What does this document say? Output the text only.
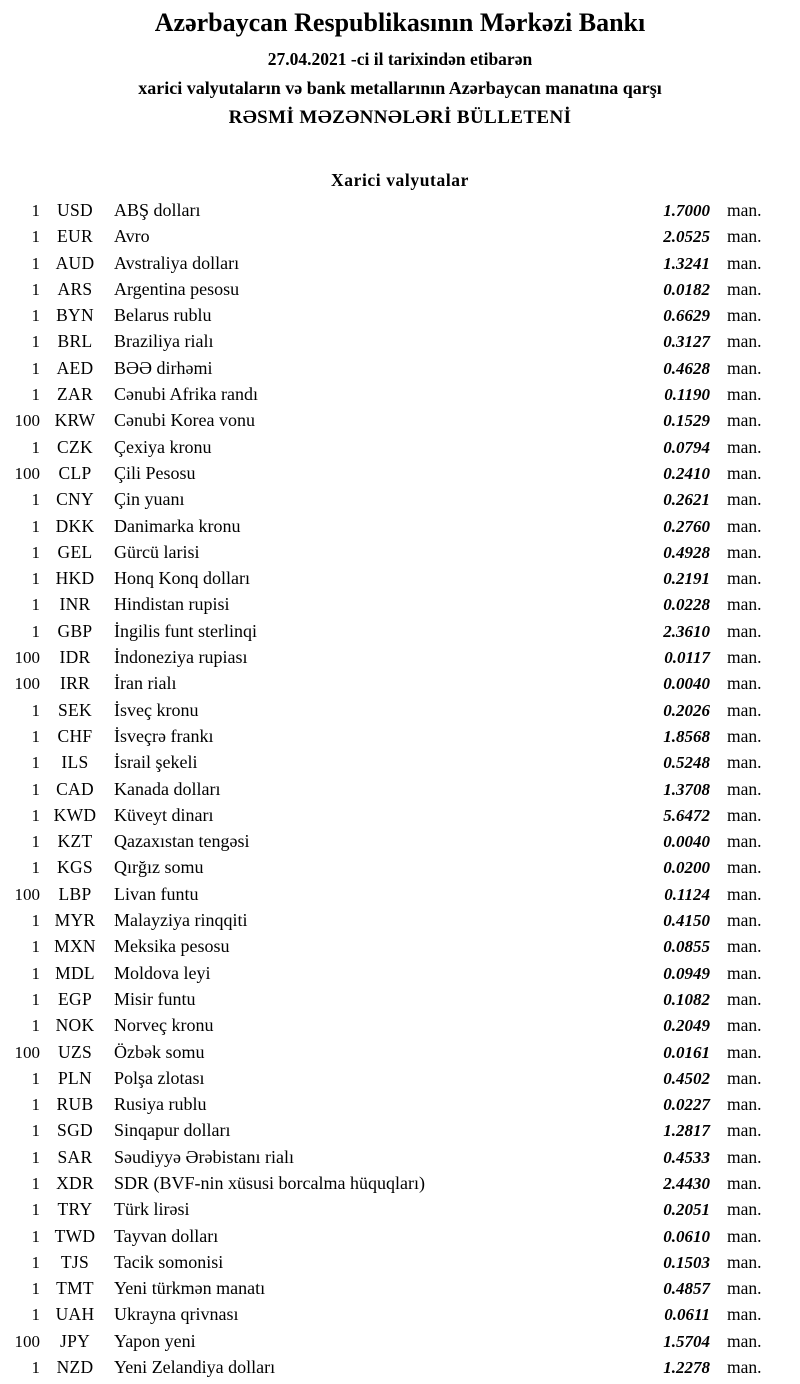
Azərbaycan Respublikasının Mərkəzi Bankı
27.04.2021 -ci il tarixindən etibarən
xarici valyutaların və bank metallarının Azərbaycan manatına qarşı
RƏSMİ MƏZƏNNƏLƏRİ BÜLLETENİ
Xarici valyutalar
1 USD	ABŞ dolları	1.7000 man.
1 EUR	Avro	2.0525 man.
1 AUD	Avstraliya dolları	1.3241 man.
1	ARS	Argentina pesosu	0.0182 man.
1 BYN	Belarus rublu	0.6629 man.
1	BRL	Braziliya rialı	0.3127 man.
1 AED	BƏƏ dirhəmi	0.4628 man.
1 ZAR	Cənubi Afrika randı	0.1190 man.
100 KRW	Cənubi Korea vonu	0.1529 man.
1 CZK	Çexiya kronu	0.0794 man.
100	CLP	Çili Pesosu	0.2410 man.
1 CNY	Çin yuanı	0.2621 man.
1 DKK	Danimarka kronu	0.2760 man.
1	GEL	Gürcü larisi	0.4928 man.
1 HKD	Honq Konq dolları	0.2191 man.
1	INR	Hindistan rupisi	0.0228 man.
1	GBP	İngilis funt sterlinqi	2.3610 man.
100	IDR	İndoneziya rupiası	0.0117 man.
100	IRR	İran rialı	0.0040 man.
1	SEK	İsveç kronu	0.2026 man.
1	CHF	İsveçrə frankı	1.8568 man.
1	ILS	İsrail şekeli	0.5248 man.
1 CAD	Kanada dolları	1.3708 man.
1 KWD Küveyt dinarı	5.6472 man.
1	KZT	Qazaxıstan tengəsi	0.0040 man.
1 KGS	Qırğız somu	0.0200 man.
100	LBP	Livan funtu	0.1124 man.
1 MYR	Malayziya rinqqiti	0.4150 man.
1 MXN	Meksika pesosu	0.0855 man.
1 MDL	Moldova leyi	0.0949 man.
1	EGP	Misir funtu	0.1082 man.
1 NOK	Norveç kronu	0.2049 man.
100	UZS	Özbək somu	0.0161 man.
1	PLN	Polşa zlotası	0.4502 man.
1 RUB	Rusiya rublu	0.0227 man.
1 SGD	Sinqapur dolları	1.2817 man.
1	SAR	Səudiyyə Ərəbistanı rialı	0.4533 man.
1 XDR	SDR (BVF-nin xüsusi borcalma hüquqları)	2.4430 man.
1	TRY	Türk lirəsi	0.2051 man.
1 TWD	Tayvan dolları	0.0610 man.
1	TJS	Tacik somonisi	0.1503 man.
1 TMT	Yeni türkmən manatı	0.4857 man.
1 UAH	Ukrayna qrivnası	0.0611 man.
100	JPY	Yapon yeni	1.5704 man.
1 NZD	Yeni Zelandiya dolları	1.2278 man.
